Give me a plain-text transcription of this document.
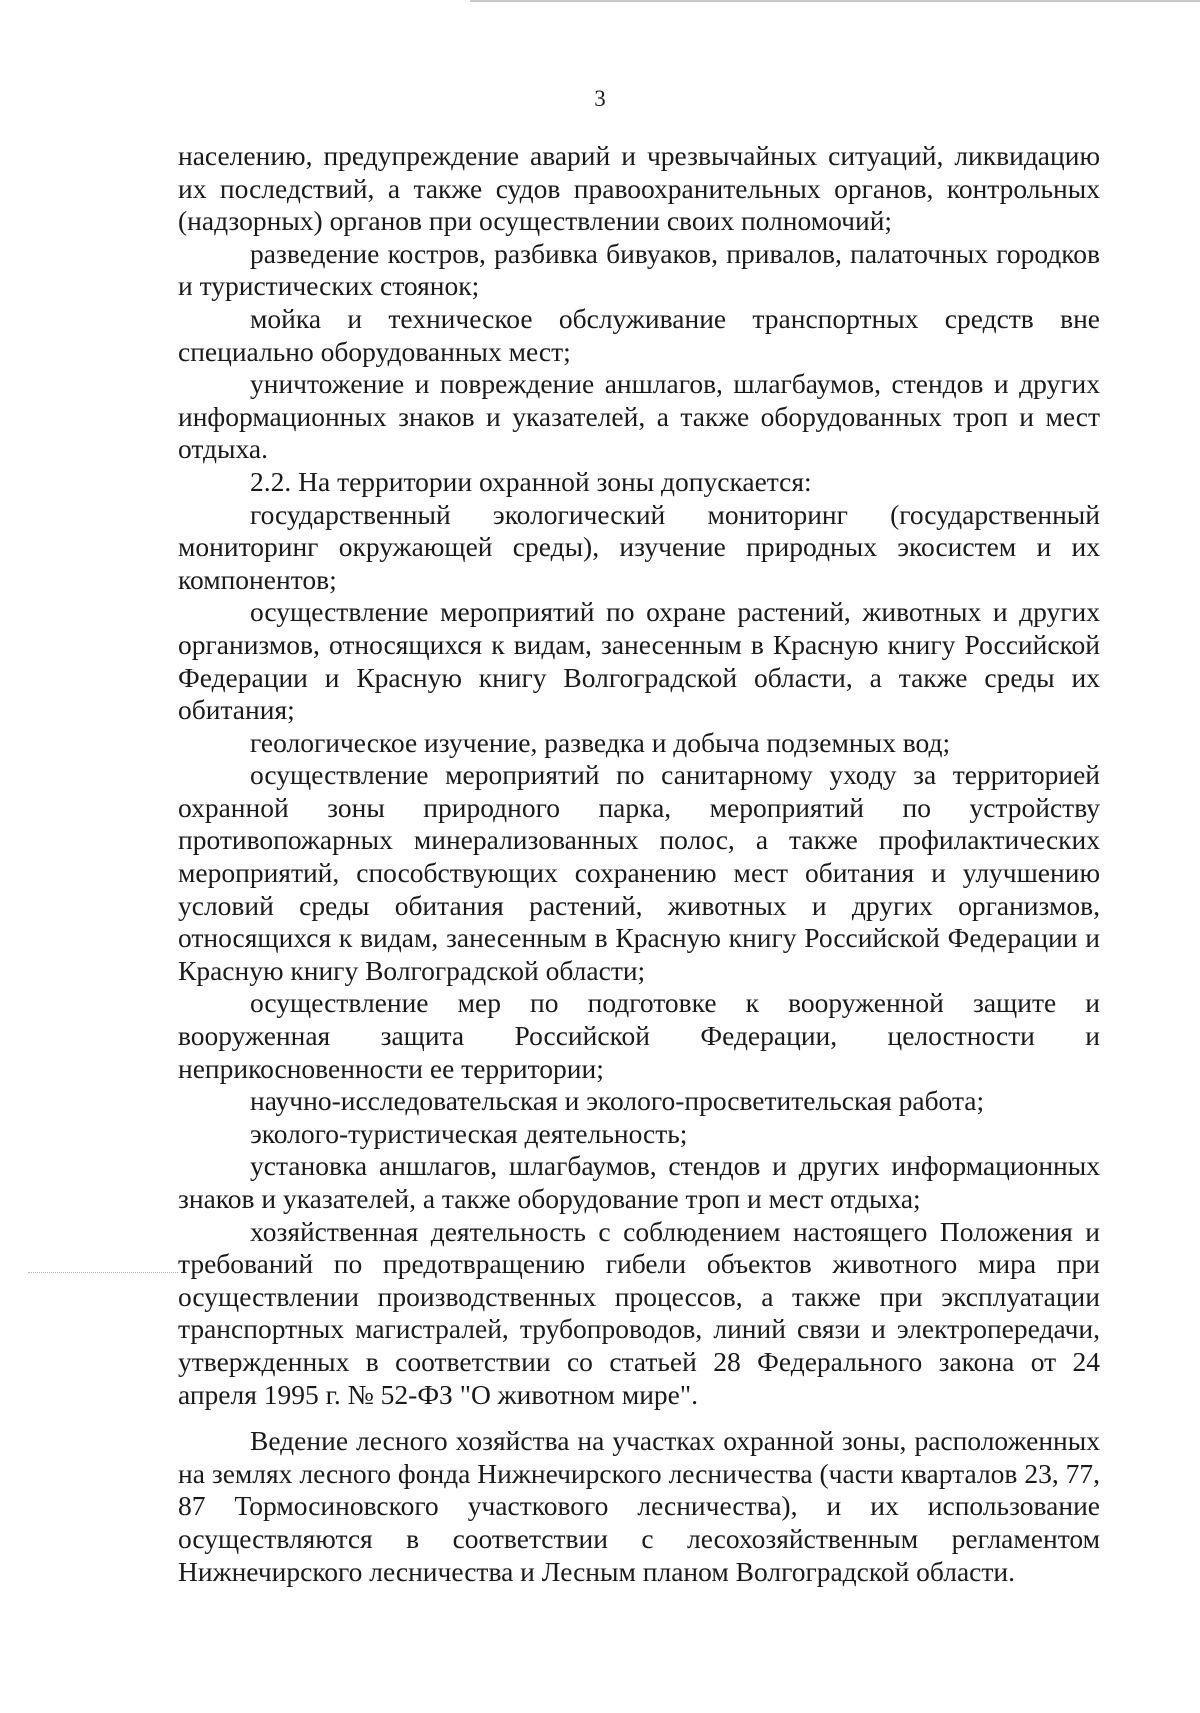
3

населению, предупреждение аварий и чрезвычайных ситуаций, ликвидацию их последствий, а также судов правоохранительных органов, контрольных (надзорных) органов при осуществлении своих полномочий;

разведение костров, разбивка бивуаков, привалов, палаточных городков и туристических стоянок;

мойка и техническое обслуживание транспортных средств вне специально оборудованных мест;

уничтожение и повреждение аншлагов, шлагбаумов, стендов и других информационных знаков и указателей, а также оборудованных троп и мест отдыха.

2.2. На территории охранной зоны допускается:

государственный экологический мониторинг (государственный мониторинг окружающей среды), изучение природных экосистем и их компонентов;

осуществление мероприятий по охране растений, животных и других организмов, относящихся к видам, занесенным в Красную книгу Российской Федерации и Красную книгу Волгоградской области, а также среды их обитания;

геологическое изучение, разведка и добыча подземных вод;

осуществление мероприятий по санитарному уходу за территорией охранной зоны природного парка, мероприятий по устройству противопожарных минерализованных полос, а также профилактических мероприятий, способствующих сохранению мест обитания и улучшению условий среды обитания растений, животных и других организмов, относящихся к видам, занесенным в Красную книгу Российской Федерации и Красную книгу Волгоградской области;

осуществление мер по подготовке к вооруженной защите и вооруженная защита Российской Федерации, целостности и неприкосновенности ее территории;

научно-исследовательская и эколого-просветительская работа;

эколого-туристическая деятельность;

установка аншлагов, шлагбаумов, стендов и других информационных знаков и указателей, а также оборудование троп и мест отдыха;

хозяйственная деятельность с соблюдением настоящего Положения и требований по предотвращению гибели объектов животного мира при осуществлении производственных процессов, а также при эксплуатации транспортных магистралей, трубопроводов, линий связи и электропередачи, утвержденных в соответствии со статьей 28 Федерального закона от 24 апреля 1995 г. № 52-ФЗ "О животном мире".

Ведение лесного хозяйства на участках охранной зоны, расположенных на землях лесного фонда Нижнечирского лесничества (части кварталов 23, 77, 87 Тормосиновского участкового лесничества), и их использование осуществляются в соответствии с лесохозяйственным регламентом Нижнечирского лесничества и Лесным планом Волгоградской области.
